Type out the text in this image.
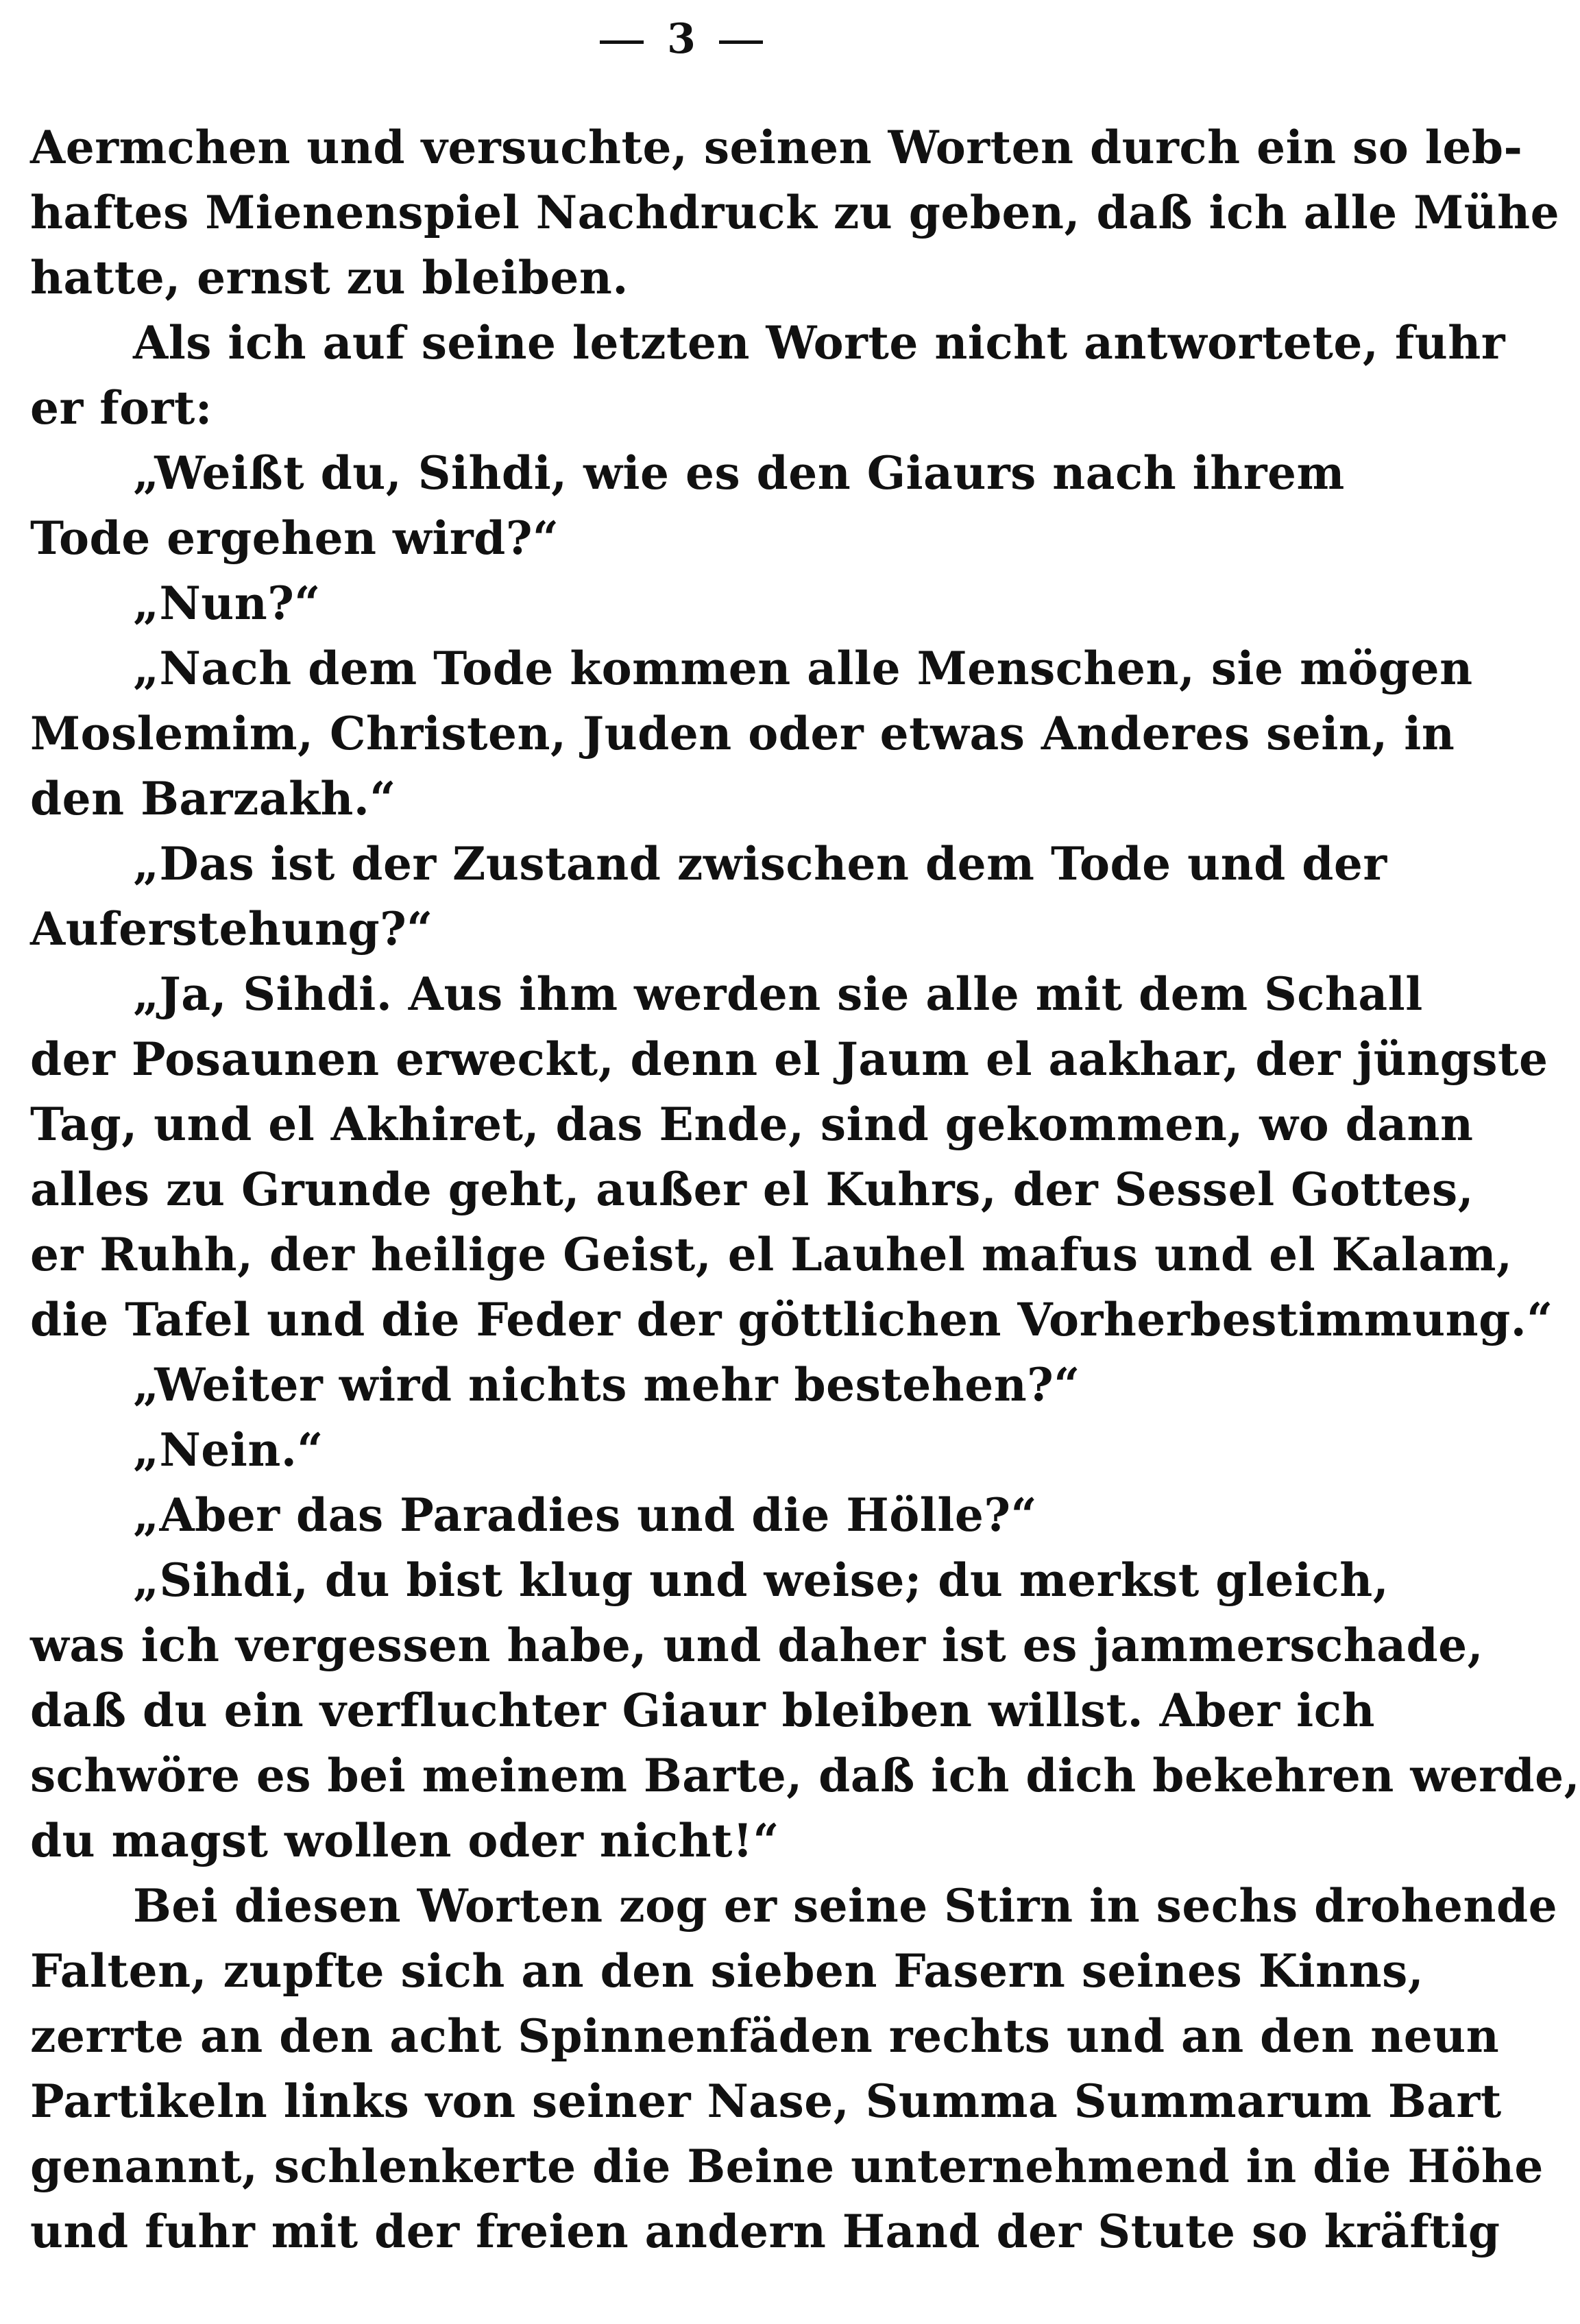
3
Aermchen und versuchte, seinen Worten durch ein so leb-
haftes Mienenspiel Nachdruck zu geben, daß ich alle Mühe
hatte, ernst zu bleiben.
Als ich auf seine letzten Worte nicht antwortete, fuhr
er fort:
„Weißt du, Sihdi, wie es den Giaurs nach ihrem
Tode ergehen wird?“
„Nun?“
„Nach dem Tode kommen alle Menschen, sie mögen
Moslemim, Christen, Juden oder etwas Anderes sein, in
den Barzakh.“
„Das ist der Zustand zwischen dem Tode und der
Auferstehung?“
„Ja, Sihdi. Aus ihm werden sie alle mit dem Schall
der Posaunen erweckt, denn el Jaum el aakhar, der jüngste
Tag, und el Akhiret, das Ende, sind gekommen, wo dann
alles zu Grunde geht, außer el Kuhrs, der Sessel Gottes,
er Ruhh, der heilige Geist, el Lauhel mafus und el Kalam,
die Tafel und die Feder der göttlichen Vorherbestimmung.“
„Weiter wird nichts mehr bestehen?“
„Nein.“
„Aber das Paradies und die Hölle?“
„Sihdi, du bist klug und weise; du merkst gleich,
was ich vergessen habe, und daher ist es jammerschade,
daß du ein verfluchter Giaur bleiben willst. Aber ich
schwöre es bei meinem Barte, daß ich dich bekehren werde,
du magst wollen oder nicht!“
Bei diesen Worten zog er seine Stirn in sechs drohende
Falten, zupfte sich an den sieben Fasern seines Kinns,
zerrte an den acht Spinnenfäden rechts und an den neun
Partikeln links von seiner Nase, Summa Summarum Bart
genannt, schlenkerte die Beine unternehmend in die Höhe
und fuhr mit der freien andern Hand der Stute so kräftig
